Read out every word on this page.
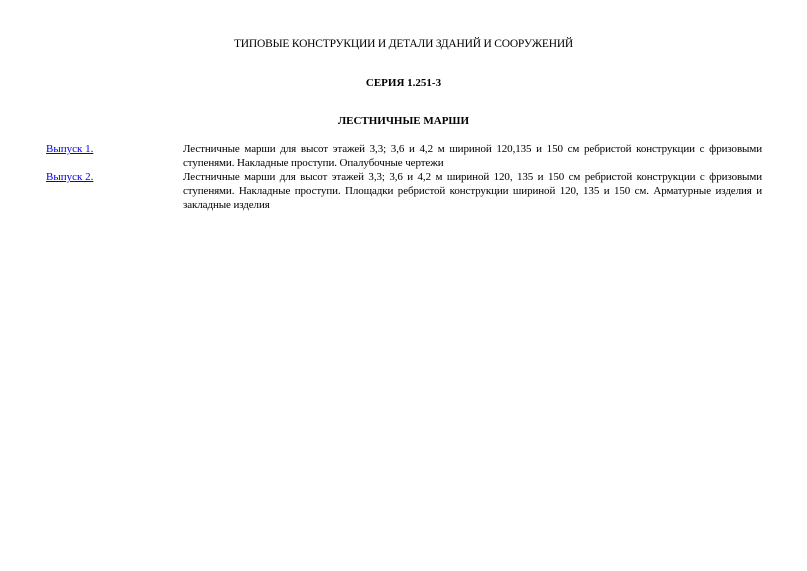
ТИПОВЫЕ КОНСТРУКЦИИ И ДЕТАЛИ ЗДАНИЙ И СООРУЖЕНИЙ
СЕРИЯ 1.251-3
ЛЕСТНИЧНЫЕ МАРШИ
Выпуск 1.	Лестничные марши для высот этажей 3,3; 3,6 и 4,2 м шириной 120,135 и 150 см ребристой конструкции с фризовыми ступенями. Накладные проступи. Опалубочные чертежи
Выпуск 2.	Лестничные марши для высот этажей 3,3; 3,6 и 4,2 м шириной 120, 135 и 150 см ребристой конструкции с фризовыми ступенями. Накладные проступи. Площадки ребристой конструкции шириной 120, 135 и 150 см. Арматурные изделия и закладные изделия
